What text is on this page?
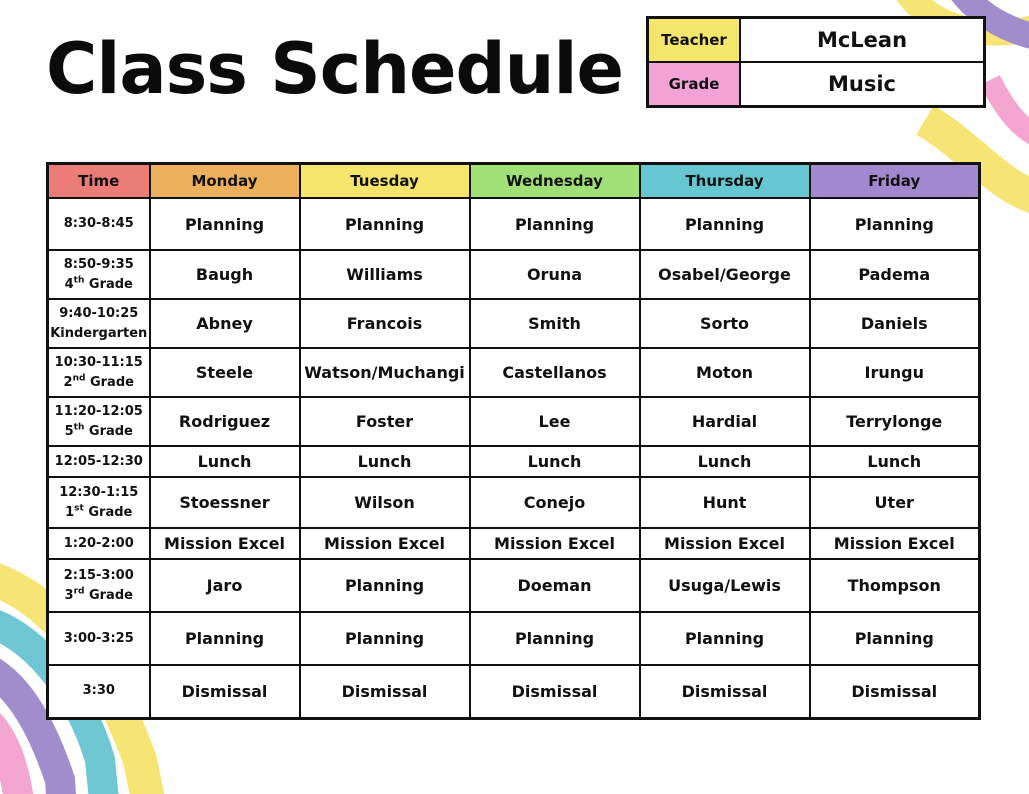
Class Schedule	Teacher	McLean
Grade	Music
Time	Monday	Tuesday	Wednesday	Thursday	Friday

8:30-8:45	Planning	Planning	Planning	Planning	Planning

8:50-9:35
4th Grade	Baugh	Williams	Oruna	Osabel/George	Padema

9:40-10:25
Kindergarten	Abney	Francois	Smith	Sorto	Daniels

10:30-11:15
2nd Grade	Steele	Watson/Muchangi	Castellanos	Moton	Irungu

11:20-12:05
5th Grade	Rodriguez	Foster	Lee	Hardial	Terrylonge

12:05-12:30	Lunch	Lunch	Lunch	Lunch	Lunch

12:30-1:15
1st Grade	Stoessner	Wilson	Conejo	Hunt	Uter

1:20-2:00	Mission Excel	Mission Excel	Mission Excel	Mission Excel	Mission Excel

2:15-3:00
3rd Grade	Jaro	Planning	Doeman	Usuga/Lewis	Thompson

3:00-3:25	Planning	Planning	Planning	Planning	Planning

3:30	Dismissal	Dismissal	Dismissal	Dismissal	Dismissal
